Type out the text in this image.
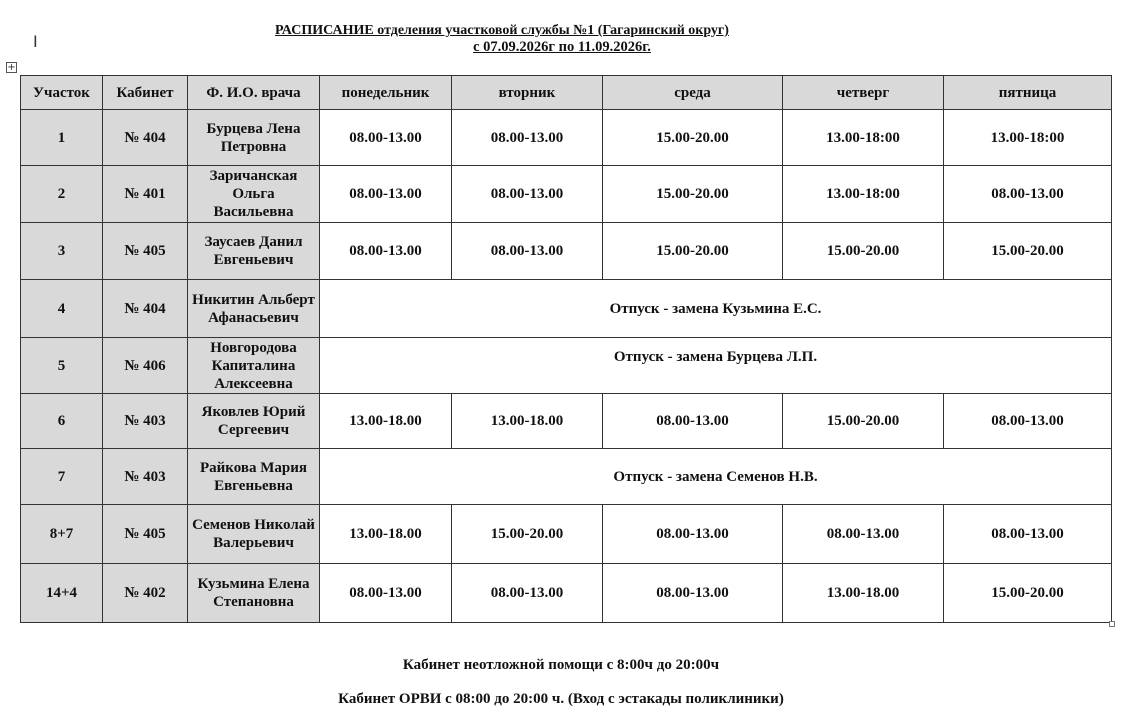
РАСПИСАНИЕ отделения участковой службы №1 (Гагаринский округ)
с 07.09.2026г по 11.09.2026г.
I
+
Участок	Кабинет	Ф. И.О. врача	понедельник	вторник	среда	четверг	пятница
1	№ 404	Бурцева Лена Петровна	08.00-13.00	08.00-13.00	15.00-20.00	13.00-18:00	13.00-18:00
2	№ 401	Заричанская Ольга Васильевна	08.00-13.00	08.00-13.00	15.00-20.00	13.00-18:00	08.00-13.00
3	№ 405	Заусаев Данил Евгеньевич	08.00-13.00	08.00-13.00	15.00-20.00	15.00-20.00	15.00-20.00
4	№ 404	Никитин Альберт Афанасьевич	Отпуск - замена Кузьмина Е.С.				
5	№ 406	Новгородова Капиталина Алексеевна	Отпуск - замена Бурцева Л.П.				
6	№ 403	Яковлев Юрий Сергеевич	13.00-18.00	13.00-18.00	08.00-13.00	15.00-20.00	08.00-13.00
7	№ 403	Райкова Мария Евгеньевна	Отпуск - замена Семенов Н.В.				
8+7	№ 405	Семенов Николай Валерьевич	13.00-18.00	15.00-20.00	08.00-13.00	08.00-13.00	08.00-13.00
14+4	№ 402	Кузьмина Елена Степановна	08.00-13.00	08.00-13.00	08.00-13.00	13.00-18.00	15.00-20.00
Кабинет неотложной помощи с 8:00ч до 20:00ч
Кабинет ОРВИ с 08:00 до 20:00 ч. (Вход с эстакады поликлиники)
